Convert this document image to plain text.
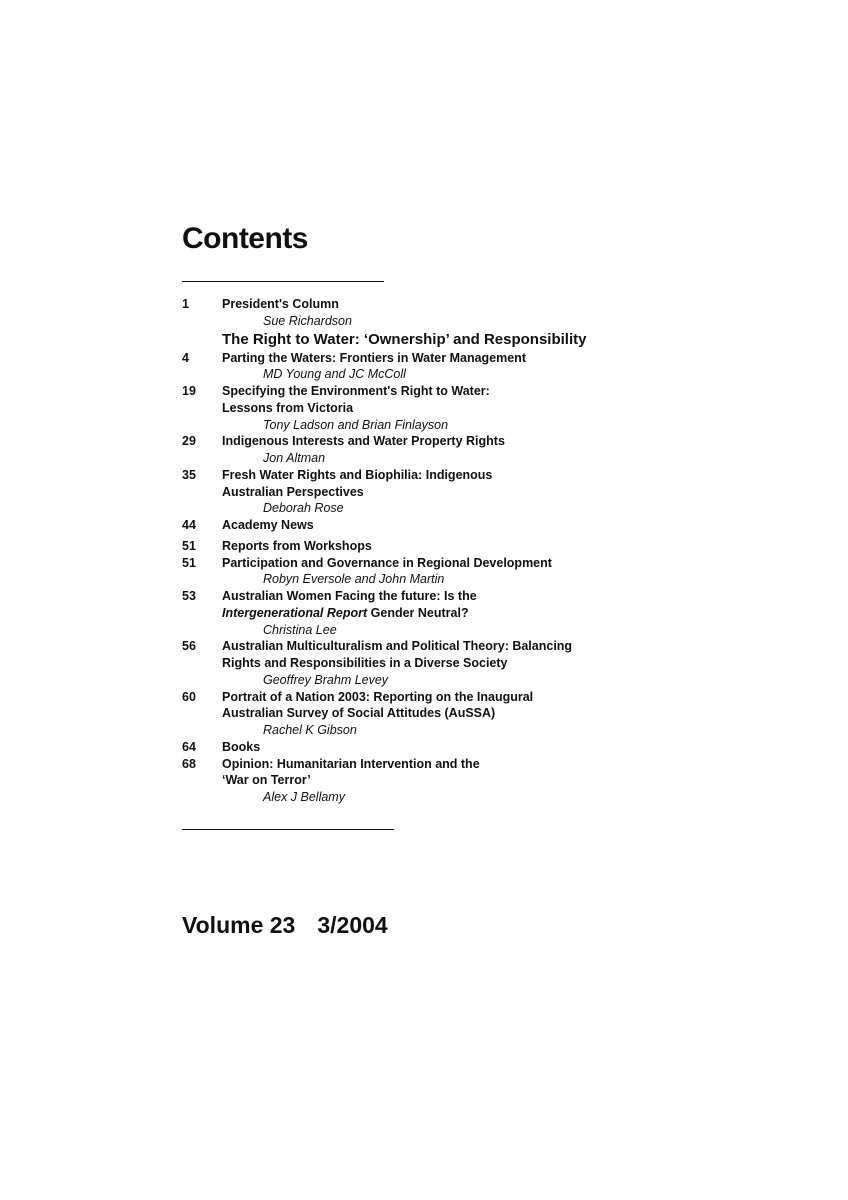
Contents
1	President's Column
Sue Richardson
The Right to Water: ‘Ownership’ and Responsibility
4	Parting the Waters: Frontiers in Water Management
MD Young and JC McColl
19	Specifying the Environment's Right to Water:
Lessons from Victoria
Tony Ladson and Brian Finlayson
29	Indigenous Interests and Water Property Rights
Jon Altman
35	Fresh Water Rights and Biophilia: Indigenous
Australian Perspectives
Deborah Rose
44	Academy News
51	Reports from Workshops
51	Participation and Governance in Regional Development
Robyn Eversole and John Martin
53	Australian Women Facing the future: Is the
Intergenerational Report Gender Neutral?
Christina Lee
56	Australian Multiculturalism and Political Theory: Balancing
Rights and Responsibilities in a Diverse Society
Geoffrey Brahm Levey
60	Portrait of a Nation 2003: Reporting on the Inaugural
Australian Survey of Social Attitudes (AuSSA)
Rachel K Gibson
64	Books
68	Opinion: Humanitarian Intervention and the
‘War on Terror’
Alex J Bellamy
Volume 23 3/2004
